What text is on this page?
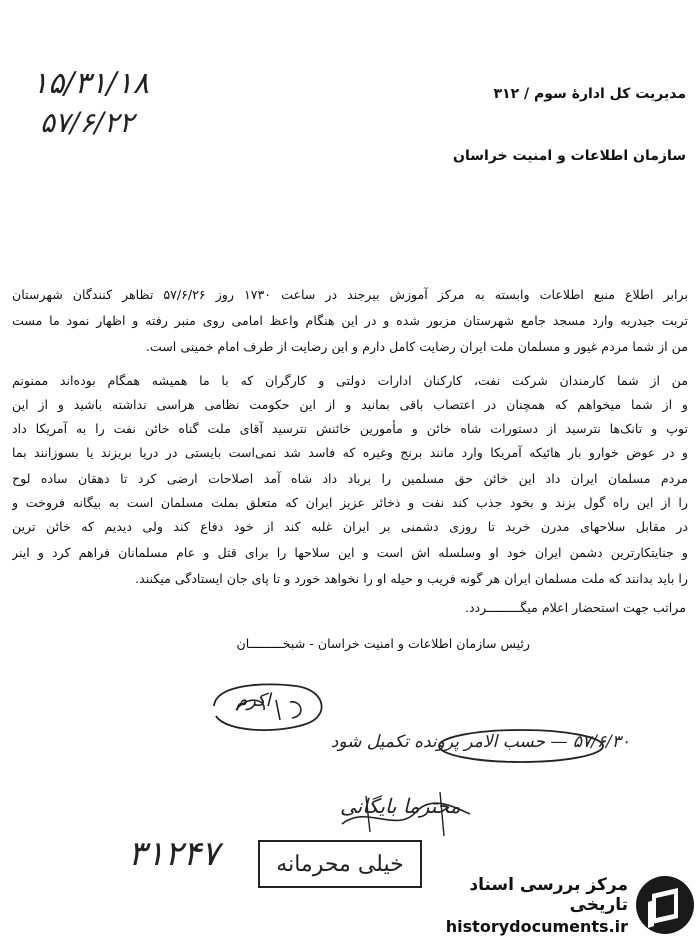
۱۵/۳۱/۱۸
۵۷/۶/۲۲
مدیریت کل ادارهٔ سوم / ۳۱۲
سازمان اطلاعات و امنیت خراسان
برابر اطلاع منبع اطلاعات وابسته به مرکز آموزش بیرجند در ساعت ۱۷۳۰ روز ۵۷/۶/۲۶ تظاهر کنندگان شهرستان
تربت جیدریه وارد مسجد جامع شهرستان مزبور شده و در این هنگام واعظ امامی روی منبر رفته و اظهار نمود ما مست
من از شما مردم غیور و مسلمان ملت ایران رضایت کامل دارم و این رضایت از طرف امام خمینی است.
من از شما کارمندان شرکت نفت، کارکنان ادارات دولتی و کارگران که با ما همیشه همگام بوده‌اند ممنونم
و از شما میخواهم که همچنان در اعتصاب باقی بمانید و از این حکومت نظامی هراسی نداشته باشید و از این
توپ و تانک‌ها نترسید از دستورات شاه خائن و مأمورین خائنش نترسید آقای ملت گناه خائن نفت را به آمریکا داد
و در عوض خوارو بار هائیکه آمریکا وارد مانند برنج وغیره که فاسد شد نمی‌است بایستی در دریا بریزند یا بسوزانند بما
مردم مسلمان ایران داد این خائن حق مسلمین را برباد داد شاه آمد اصلاحات ارضی کرد تا دهقان ساده لوح
را از این راه گول بزند و بخود جذب کند نفت و ذخائر عزیز ایران که متعلق بملت مسلمان است به بیگانه فروخت و
در مقابل سلاحهای مدرن خرید تا روزی دشمنی بر ایران غلبه کند از خود دفاع کند ولی دیدیم که خائن ترین
و جنایتکارترین دشمن ایران خود او وسلسله اش است و این سلاحها را برای قتل و عام مسلمانان فراهم کرد و اینر
را باید بدانند که ملت مسلمان ایران هر گونه فریب و حیله او را نخواهد خورد و تا پای جان ایستادگی میکنند.
مراتب جهت استحضار اعلام میگـــــــــردد.
رئیس سازمان اطلاعات و امنیت خراسان - شبخـــــــــان
اکرم
۵۷/۶/۳۰ — حسب الامر پرونده تکمیل شود
محترما بایگانی
۳۱۲۴۷	خیلی محرمانه
مرکز بررسی اسناد تاریخی
historydocuments.ir
